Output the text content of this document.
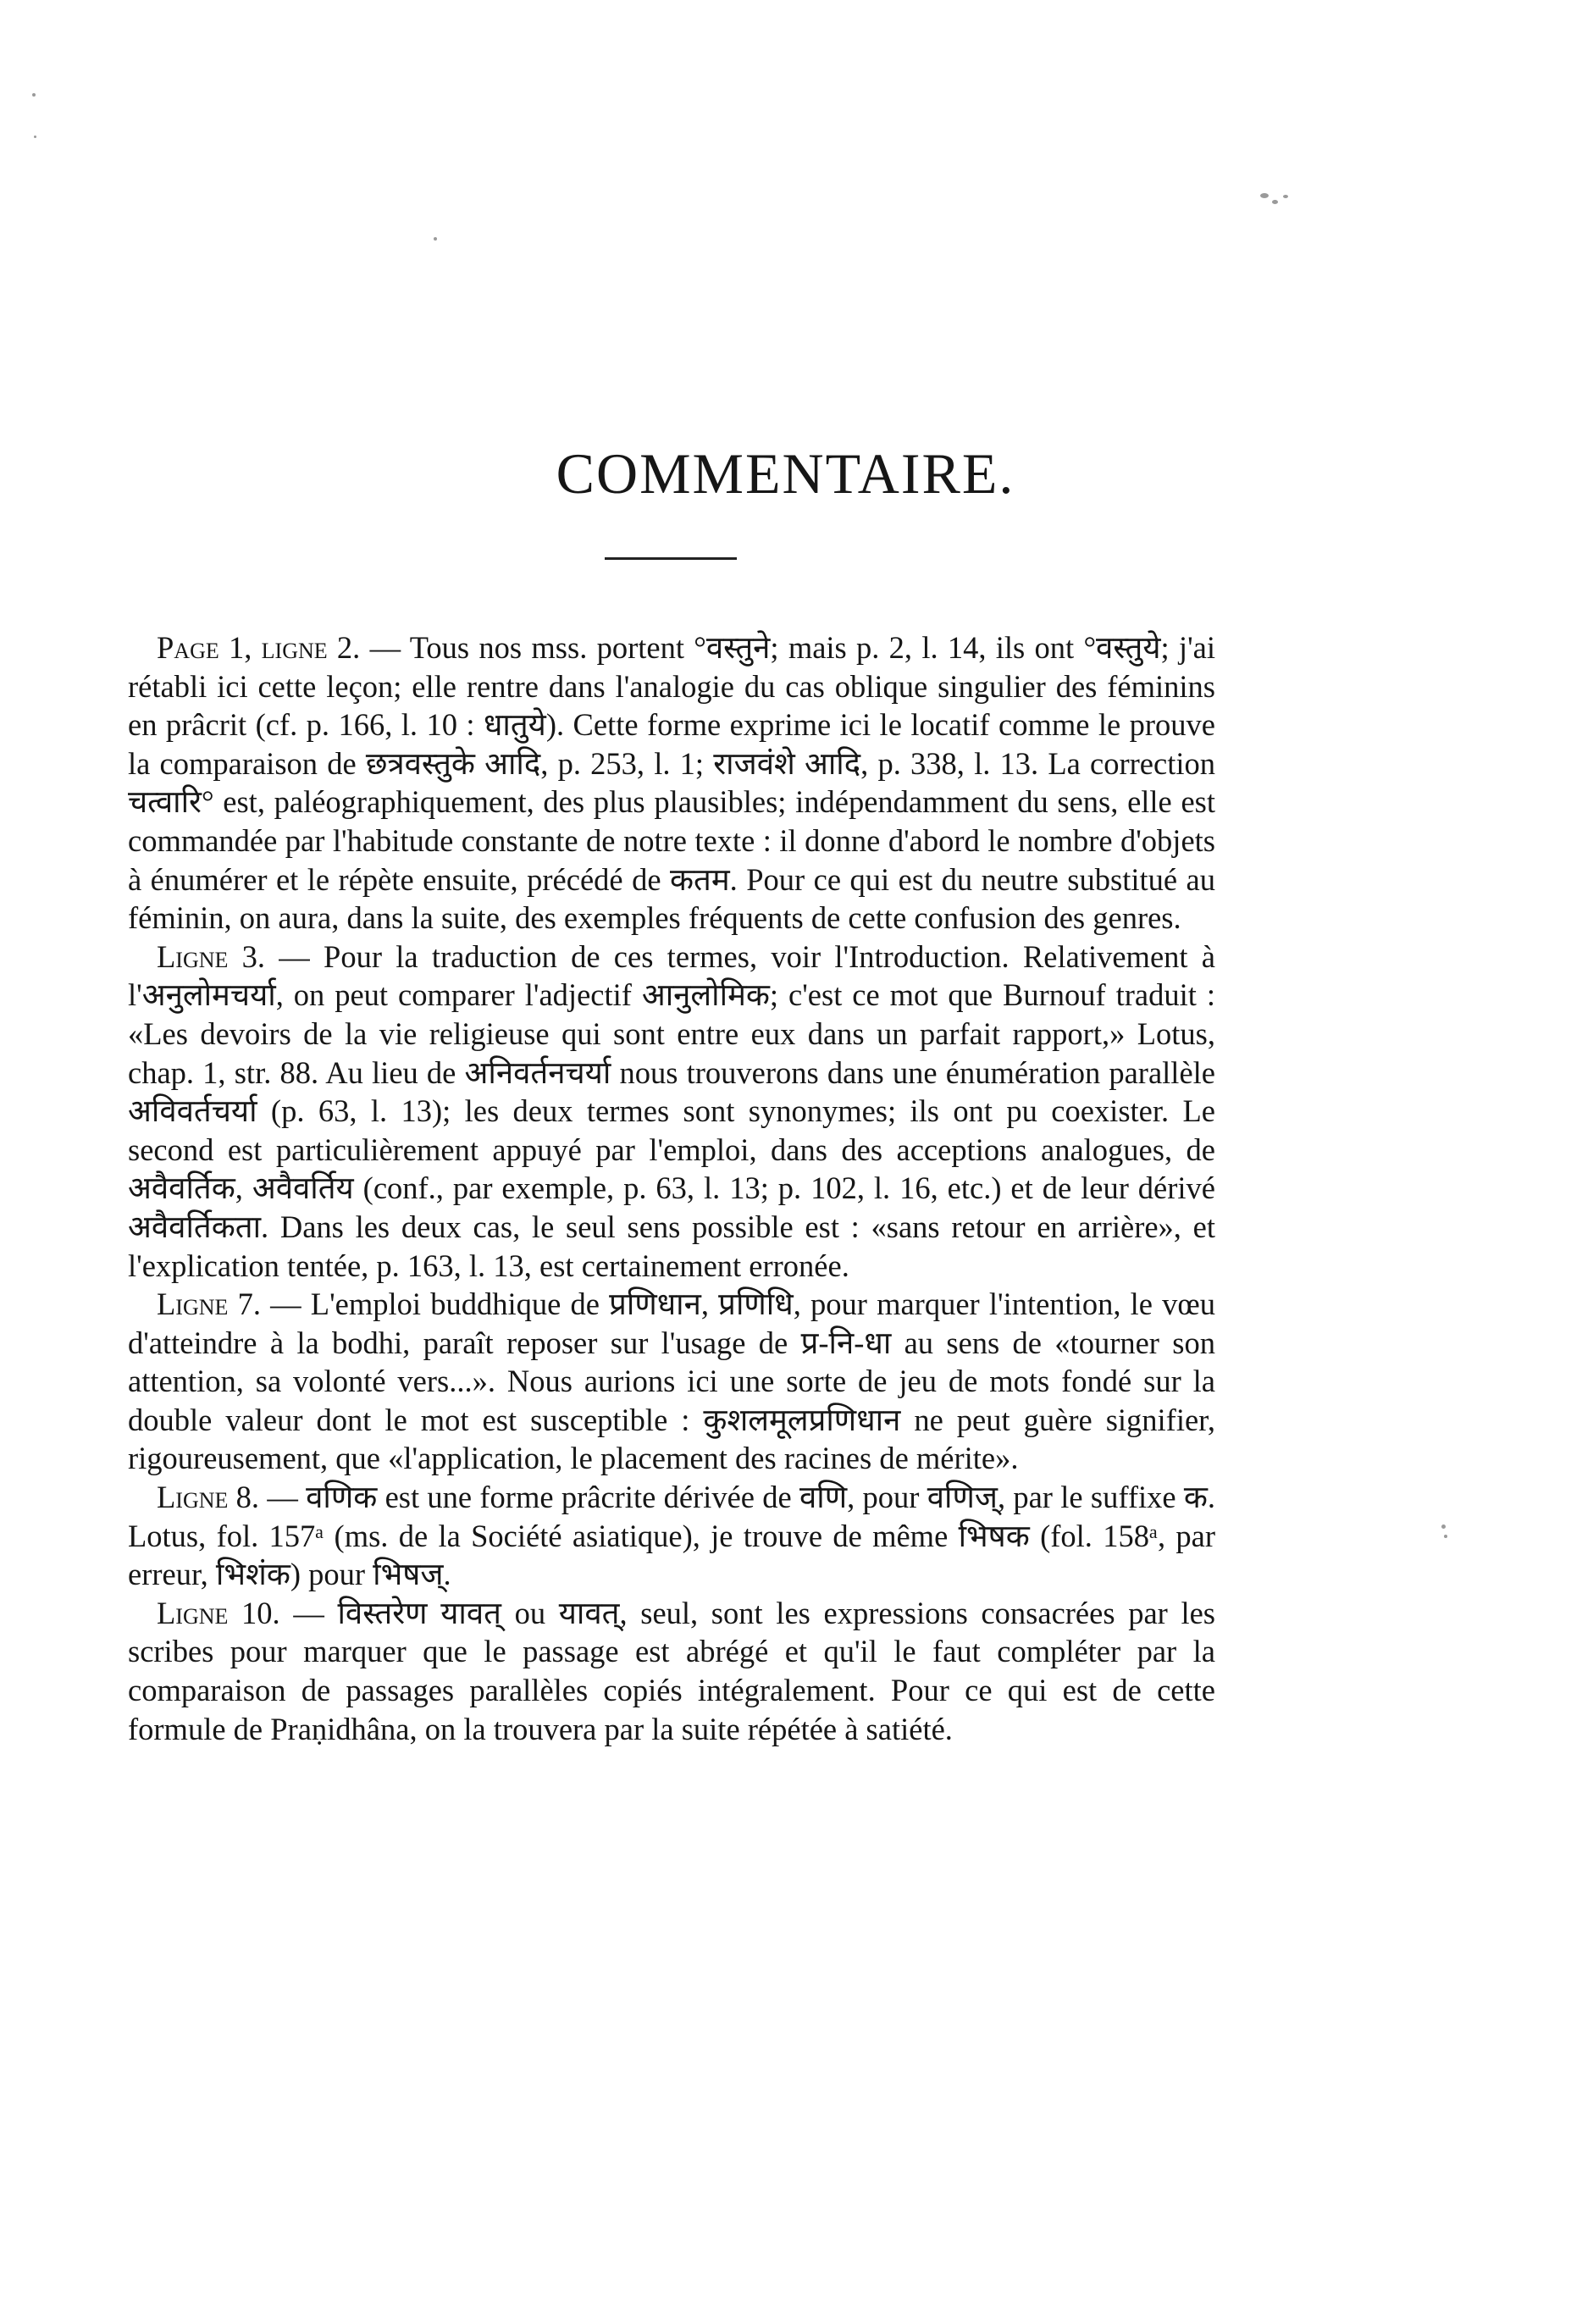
COMMENTAIRE.

Page 1, ligne 2. — Tous nos mss. portent °वस्तुने; mais p. 2, l. 14, ils ont °वस्तुये; j'ai rétabli ici cette leçon; elle rentre dans l'analogie du cas oblique singulier des féminins en prâcrit (cf. p. 166, l. 10 : धातुये). Cette forme exprime ici le locatif comme le prouve la comparaison de छत्रवस्तुके आदि, p. 253, l. 1; राजवंशे आदि, p. 338, l. 13. La correction चत्वारि° est, paléographiquement, des plus plausibles; indépendamment du sens, elle est commandée par l'habitude constante de notre texte : il donne d'abord le nombre d'objets à énumérer et le répète ensuite, précédé de कतम. Pour ce qui est du neutre substitué au féminin, on aura, dans la suite, des exemples fréquents de cette confusion des genres.

Ligne 3. — Pour la traduction de ces termes, voir l'Introduction. Relativement à l'अनुलोमचर्या, on peut comparer l'adjectif आनुलोमिक; c'est ce mot que Burnouf traduit : «Les devoirs de la vie religieuse qui sont entre eux dans un parfait rapport,» Lotus, chap. 1, str. 88. Au lieu de अनिवर्तनचर्या nous trouverons dans une énumération parallèle अविवर्तचर्या (p. 63, l. 13); les deux termes sont synonymes; ils ont pu coexister. Le second est particulièrement appuyé par l'emploi, dans des acceptions analogues, de अवैवर्तिक, अवैवर्तिय (conf., par exemple, p. 63, l. 13; p. 102, l. 16, etc.) et de leur dérivé अवैवर्तिकता. Dans les deux cas, le seul sens possible est : «sans retour en arrière», et l'explication tentée, p. 163, l. 13, est certainement erronée.

Ligne 7. — L'emploi buddhique de प्रणिधान, प्रणिधि, pour marquer l'intention, le vœu d'atteindre à la bodhi, paraît reposer sur l'usage de प्र-नि-धा au sens de «tourner son attention, sa volonté vers...». Nous aurions ici une sorte de jeu de mots fondé sur la double valeur dont le mot est susceptible : कुशलमूलप्रणिधान ne peut guère signifier, rigoureusement, que «l'application, le placement des racines de mérite».

Ligne 8. — वणिक est une forme prâcrite dérivée de वणि, pour वणिज्, par le suffixe क. Lotus, fol. 157ᵃ (ms. de la Société asiatique), je trouve de même भिषक (fol. 158ᵃ, par erreur, भिशंक) pour भिषज्.

Ligne 10. — विस्तरेण यावत् ou यावत्, seul, sont les expressions consacrées par les scribes pour marquer que le passage est abrégé et qu'il le faut compléter par la comparaison de passages parallèles copiés intégralement. Pour ce qui est de cette formule de Praṇidhâna, on la trouvera par la suite répétée à satiété.
